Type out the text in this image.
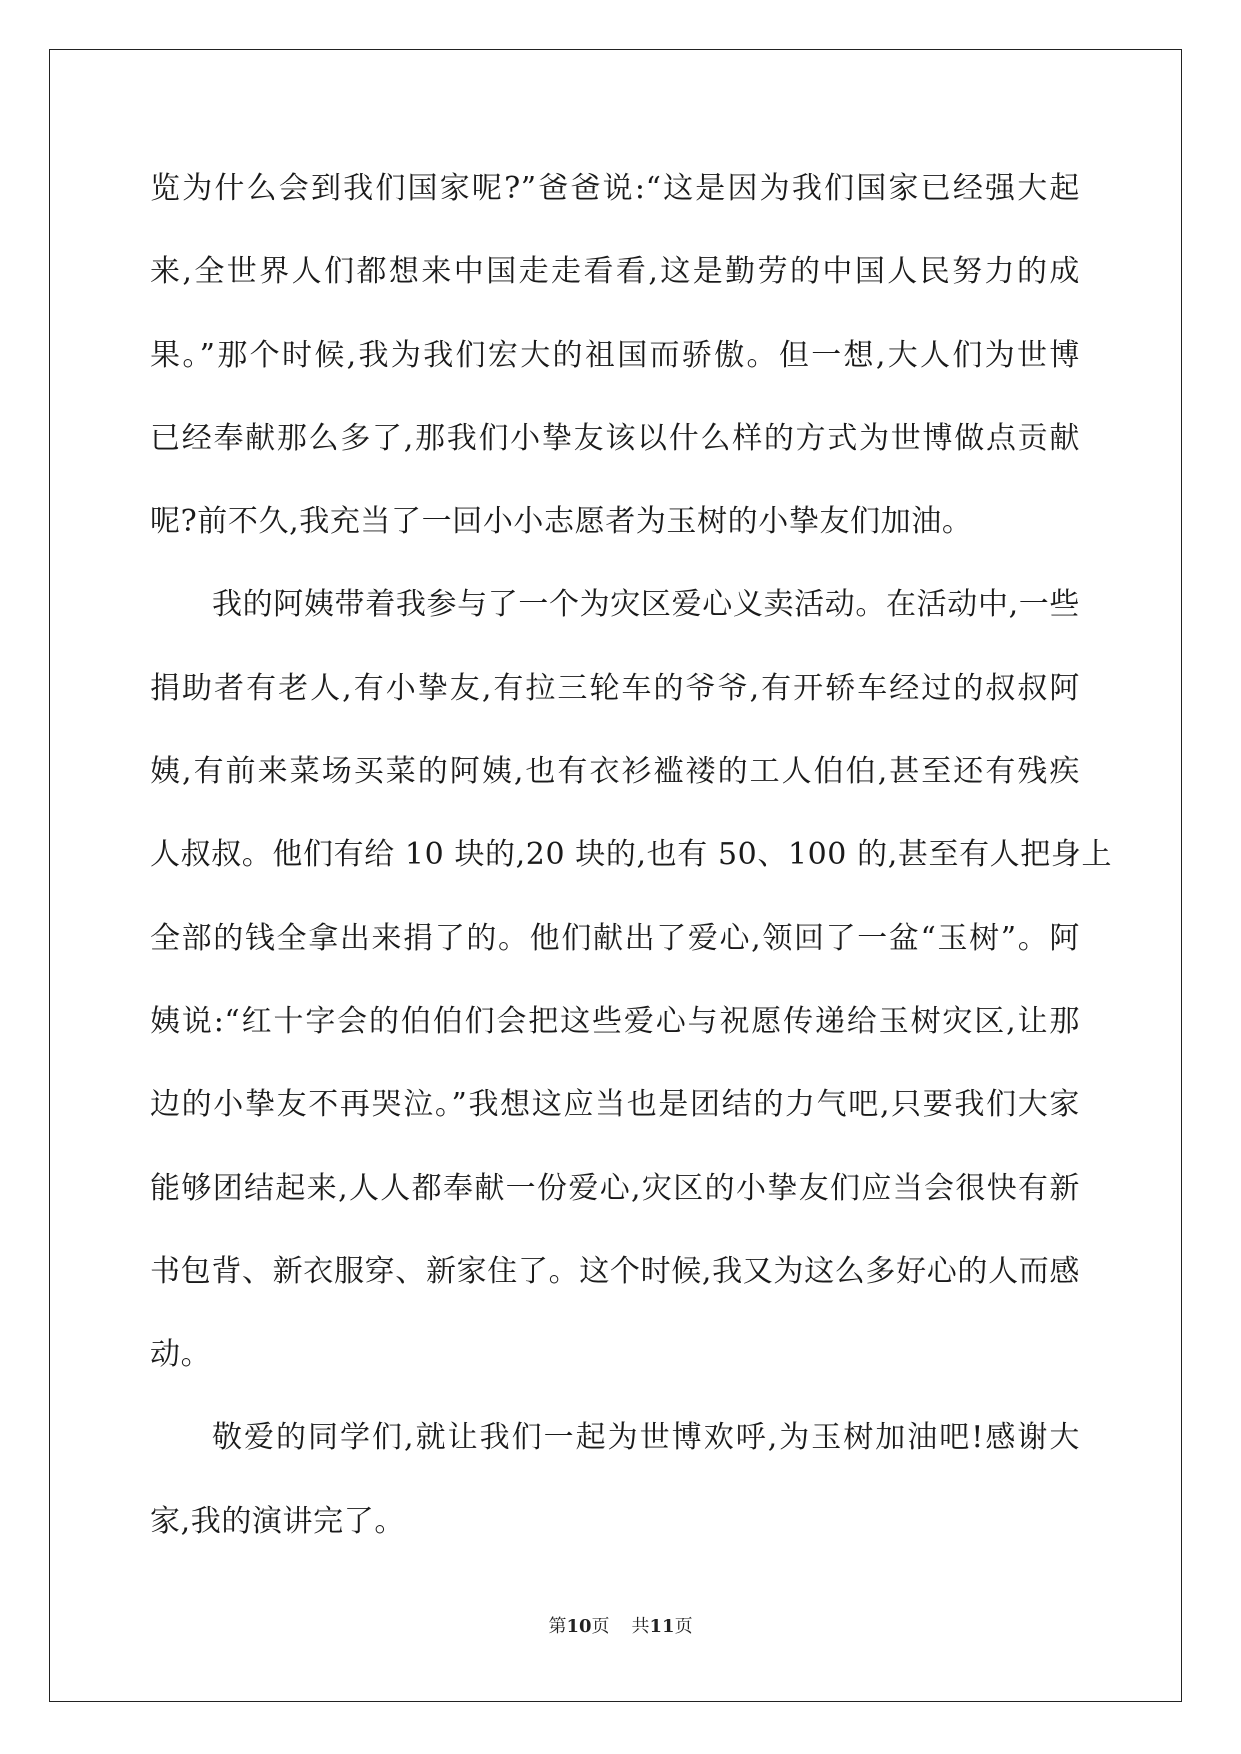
览为什么会到我们国家呢?”爸爸说:“这是因为我们国家已经强大起
来,全世界人们都想来中国走走看看,这是勤劳的中国人民努力的成
果。”那个时候,我为我们宏大的祖国而骄傲。但一想,大人们为世博
已经奉献那么多了,那我们小挚友该以什么样的方式为世博做点贡献
呢?前不久,我充当了一回小小志愿者为玉树的小挚友们加油。
我的阿姨带着我参与了一个为灾区爱心义卖活动。在活动中,一些
捐助者有老人,有小挚友,有拉三轮车的爷爷,有开轿车经过的叔叔阿
姨,有前来菜场买菜的阿姨,也有衣衫褴褛的工人伯伯,甚至还有残疾
人叔叔。他们有给 10 块的,20 块的,也有 50、100 的,甚至有人把身上
全部的钱全拿出来捐了的。他们献出了爱心,领回了一盆“玉树”。阿
姨说:“红十字会的伯伯们会把这些爱心与祝愿传递给玉树灾区,让那
边的小挚友不再哭泣。”我想这应当也是团结的力气吧,只要我们大家
能够团结起来,人人都奉献一份爱心,灾区的小挚友们应当会很快有新
书包背、新衣服穿、新家住了。这个时候,我又为这么多好心的人而感
动。
敬爱的同学们,就让我们一起为世博欢呼,为玉树加油吧!感谢大
家,我的演讲完了。
第10页 共11页
